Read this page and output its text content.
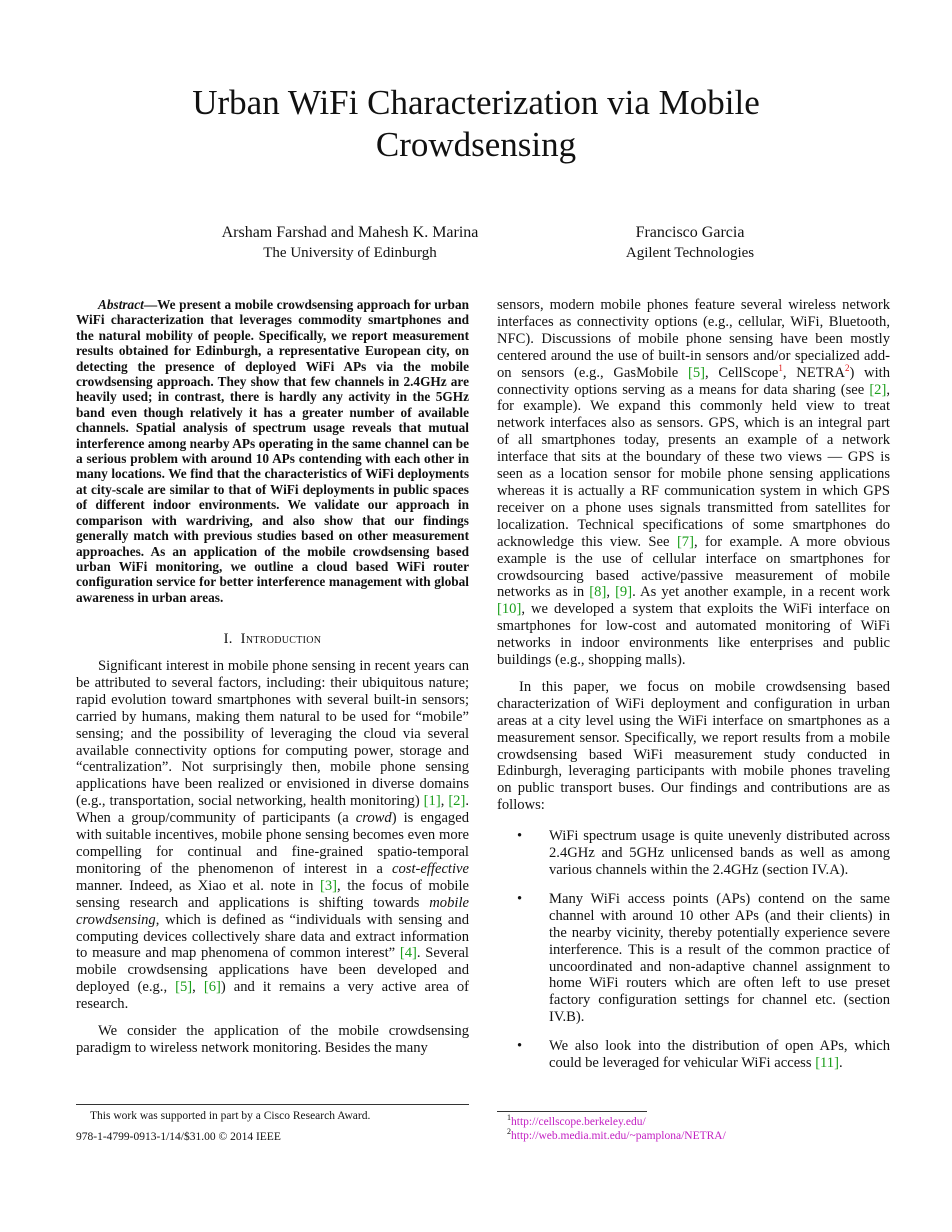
Urban WiFi Characterization via Mobile Crowdsensing
Arsham Farshad and Mahesh K. Marina
The University of Edinburgh
Francisco Garcia
Agilent Technologies

Abstract—We present a mobile crowdsensing approach for urban WiFi characterization that leverages commodity smartphones and the natural mobility of people. Specifically, we report measurement results obtained for Edinburgh, a representative European city, on detecting the presence of deployed WiFi APs via the mobile crowdsensing approach. They show that few channels in 2.4GHz are heavily used; in contrast, there is hardly any activity in the 5GHz band even though relatively it has a greater number of available channels. Spatial analysis of spectrum usage reveals that mutual interference among nearby APs operating in the same channel can be a serious problem with around 10 APs contending with each other in many locations. We find that the characteristics of WiFi deployments at city-scale are similar to that of WiFi deployments in public spaces of different indoor environments. We validate our approach in comparison with wardriving, and also show that our findings generally match with previous studies based on other measurement approaches. As an application of the mobile crowdsensing based urban WiFi monitoring, we outline a cloud based WiFi router configuration service for better interference management with global awareness in urban areas.

I. Introduction

Significant interest in mobile phone sensing in recent years can be attributed to several factors, including: their ubiquitous nature; rapid evolution toward smartphones with several built-in sensors; carried by humans, making them natural to be used for “mobile” sensing; and the possibility of leveraging the cloud via several available connectivity options for computing power, storage and “centralization”. Not surprisingly then, mobile phone sensing applications have been realized or envisioned in diverse domains (e.g., transportation, social networking, health monitoring) [1], [2]. When a group/community of participants (a crowd) is engaged with suitable incentives, mobile phone sensing becomes even more compelling for continual and fine-grained spatio-temporal monitoring of the phenomenon of interest in a cost-effective manner. Indeed, as Xiao et al. note in [3], the focus of mobile sensing research and applications is shifting towards mobile crowdsensing, which is defined as “individuals with sensing and computing devices collectively share data and extract information to measure and map phenomena of common interest” [4]. Several mobile crowdsensing applications have been developed and deployed (e.g., [5], [6]) and it remains a very active area of research.

We consider the application of the mobile crowdsensing paradigm to wireless network monitoring. Besides the many

This work was supported in part by a Cisco Research Award.
978-1-4799-0913-1/14/$31.00 © 2014 IEEE

sensors, modern mobile phones feature several wireless network interfaces as connectivity options (e.g., cellular, WiFi, Bluetooth, NFC). Discussions of mobile phone sensing have been mostly centered around the use of built-in sensors and/or specialized add-on sensors (e.g., GasMobile [5], CellScope$^1$, NETRA$^2$) with connectivity options serving as a means for data sharing (see [2], for example). We expand this commonly held view to treat network interfaces also as sensors. GPS, which is an integral part of all smartphones today, presents an example of a network interface that sits at the boundary of these two views — GPS is seen as a location sensor for mobile phone sensing applications whereas it is actually a RF communication system in which GPS receiver on a phone uses signals transmitted from satellites for localization. Technical specifications of some smartphones do acknowledge this view. See [7], for example. A more obvious example is the use of cellular interface on smartphones for crowdsourcing based active/passive measurement of mobile networks as in [8], [9]. As yet another example, in a recent work [10], we developed a system that exploits the WiFi interface on smartphones for low-cost and automated monitoring of WiFi networks in indoor environments like enterprises and public buildings (e.g., shopping malls).

In this paper, we focus on mobile crowdsensing based characterization of WiFi deployment and configuration in urban areas at a city level using the WiFi interface on smartphones as a measurement sensor. Specifically, we report results from a mobile crowdsensing based WiFi measurement study conducted in Edinburgh, leveraging participants with mobile phones traveling on public transport buses. Our findings and contributions are as follows:

• WiFi spectrum usage is quite unevenly distributed across 2.4GHz and 5GHz unlicensed bands as well as among various channels within the 2.4GHz (section IV.A).
• Many WiFi access points (APs) contend on the same channel with around 10 other APs (and their clients) in the nearby vicinity, thereby potentially experience severe interference. This is a result of the common practice of uncoordinated and non-adaptive channel assignment to home WiFi routers which are often left to use preset factory configuration settings for channel etc. (section IV.B).
• We also look into the distribution of open APs, which could be leveraged for vehicular WiFi access [11].
$^1$http://cellscope.berkeley.edu/
$^2$http://web.media.mit.edu/~pamplona/NETRA/
